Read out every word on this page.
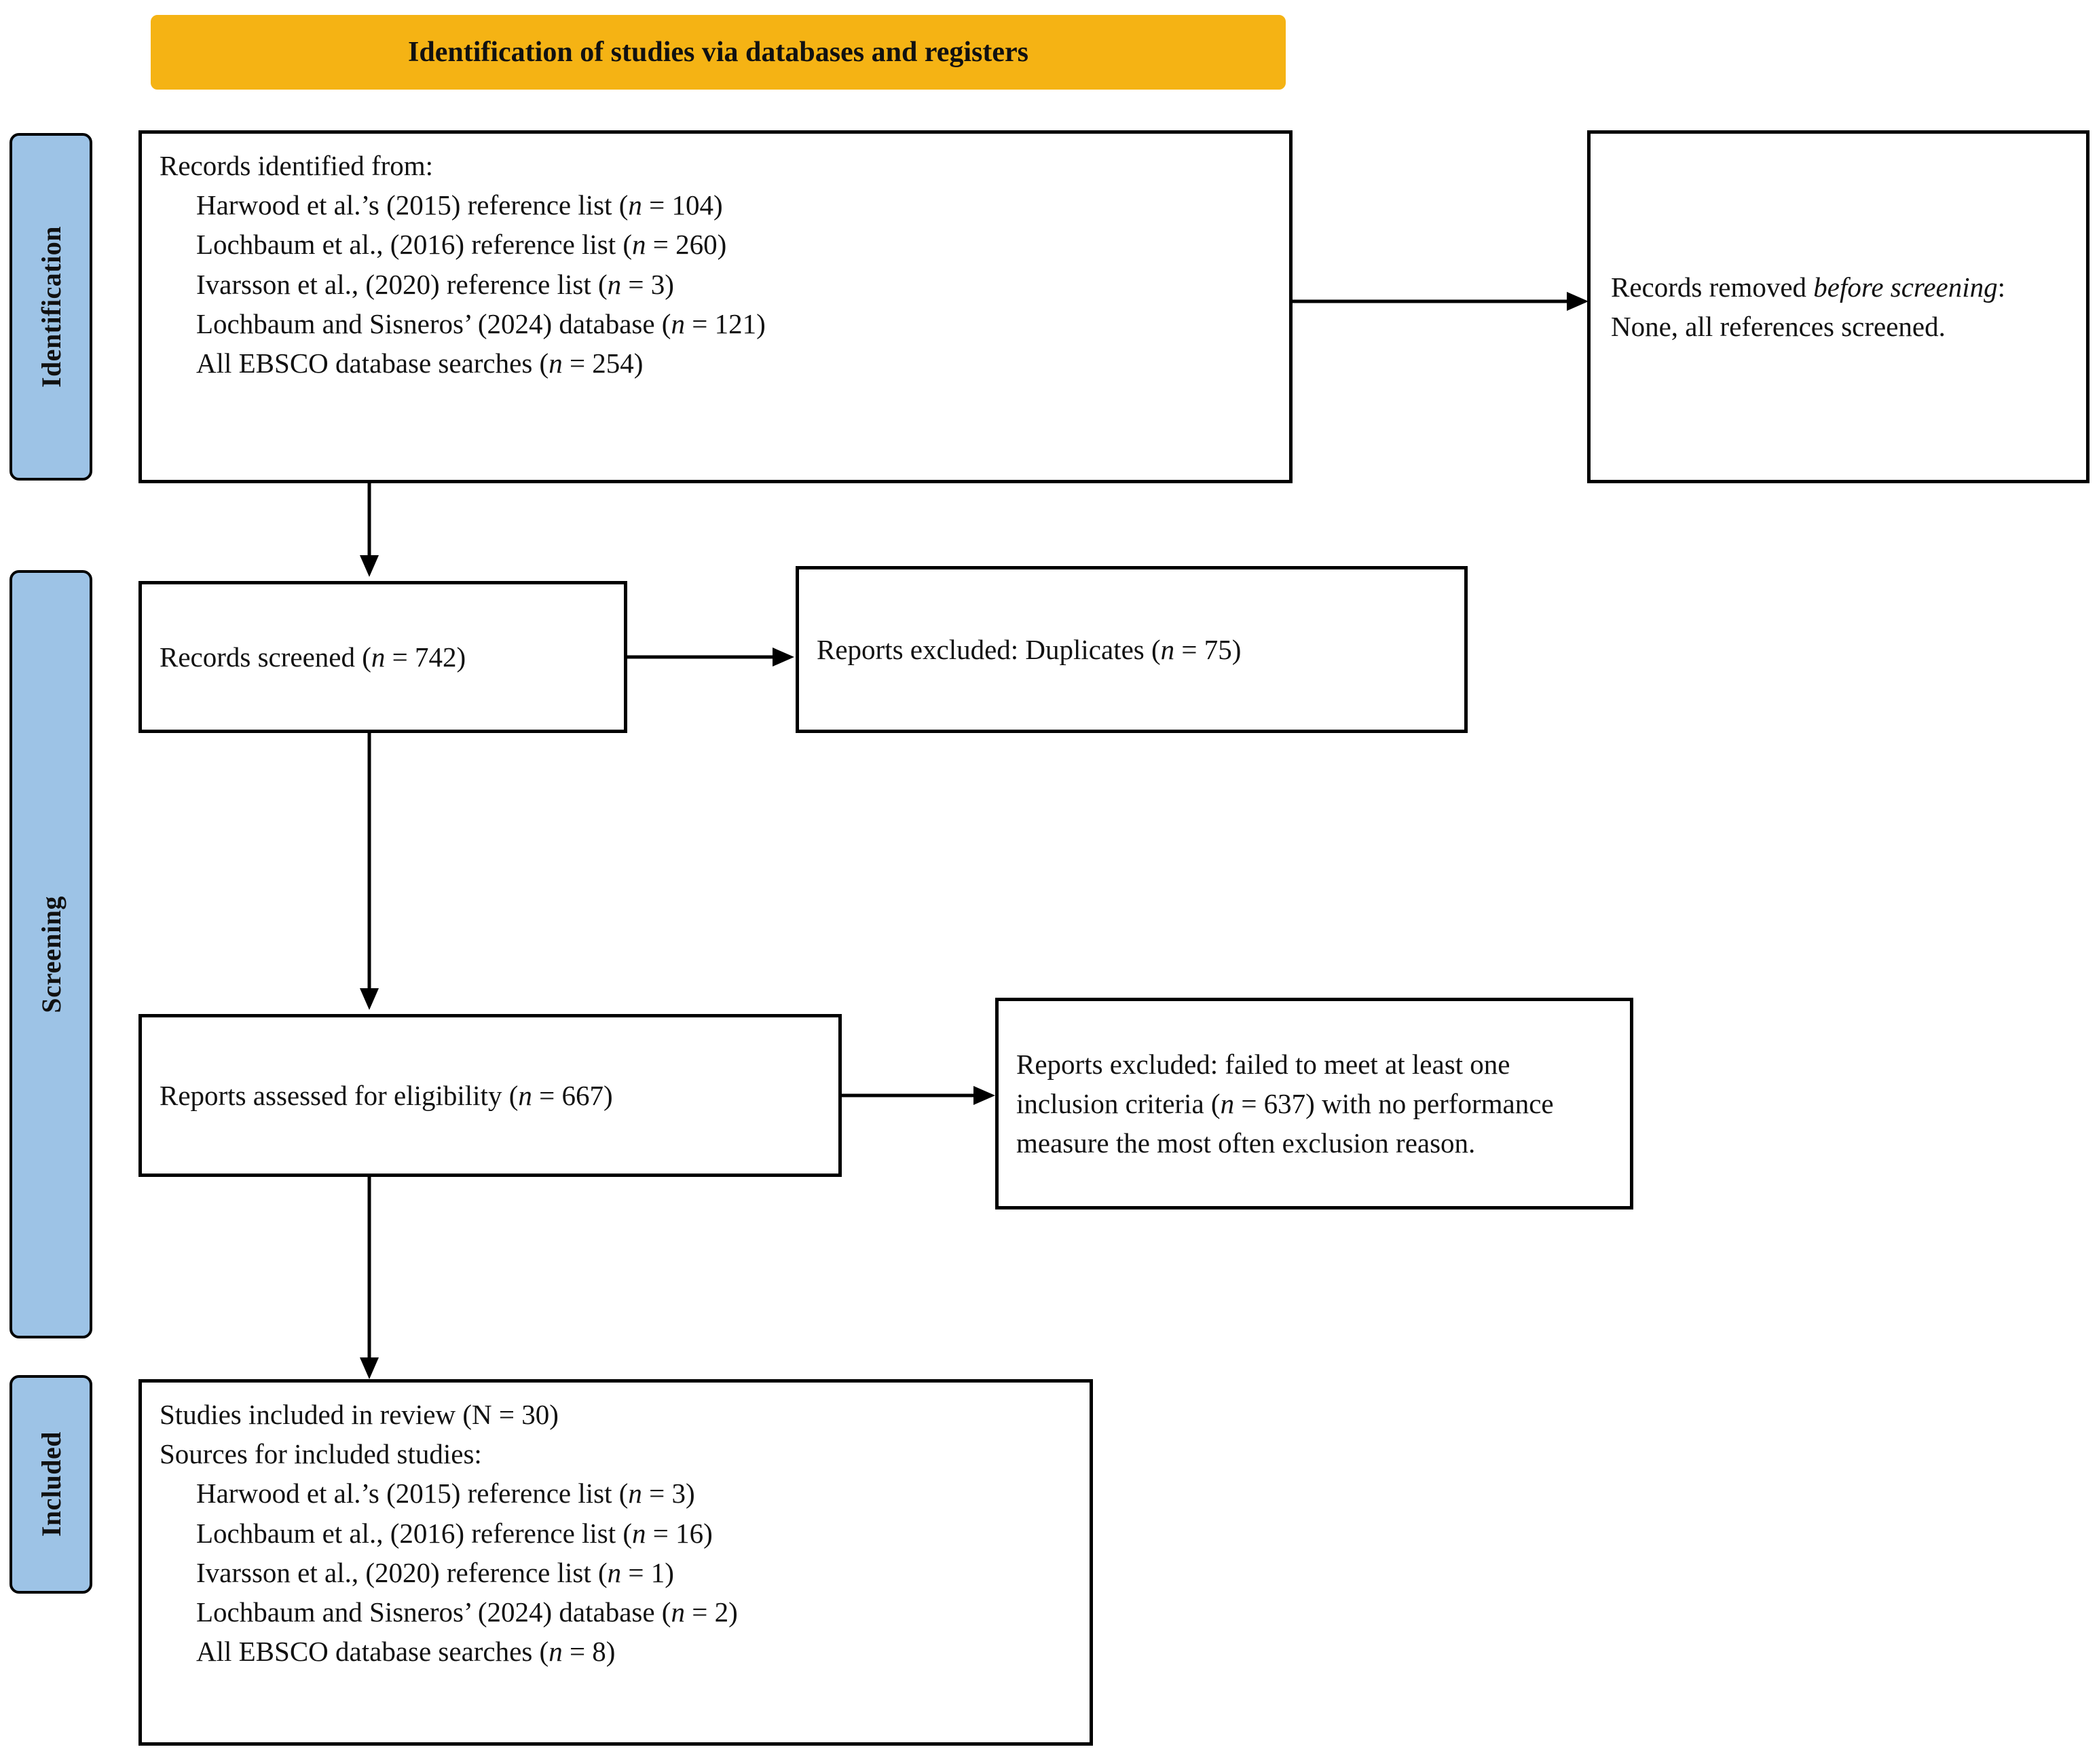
Identification of studies via databases and registers
Identification
Screening
Included
Records identified from:
Harwood et al.’s (2015) reference list (n = 104)
Lochbaum et al., (2016) reference list (n = 260)
Ivarsson et al., (2020) reference list (n = 3)
Lochbaum and Sisneros’ (2024) database (n = 121)
All EBSCO database searches (n = 254)
Records removed before screening: None, all references screened.
Records screened (n = 742)	Reports excluded: Duplicates (n = 75)
Reports assessed for eligibility (n = 667)
Reports excluded: failed to meet at least one inclusion criteria (n = 637) with no performance measure the most often exclusion reason.
Studies included in review (N = 30)
Sources for included studies:
Harwood et al.’s (2015) reference list (n = 3)
Lochbaum et al., (2016) reference list (n = 16)
Ivarsson et al., (2020) reference list (n = 1)
Lochbaum and Sisneros’ (2024) database (n = 2)
All EBSCO database searches (n = 8)
